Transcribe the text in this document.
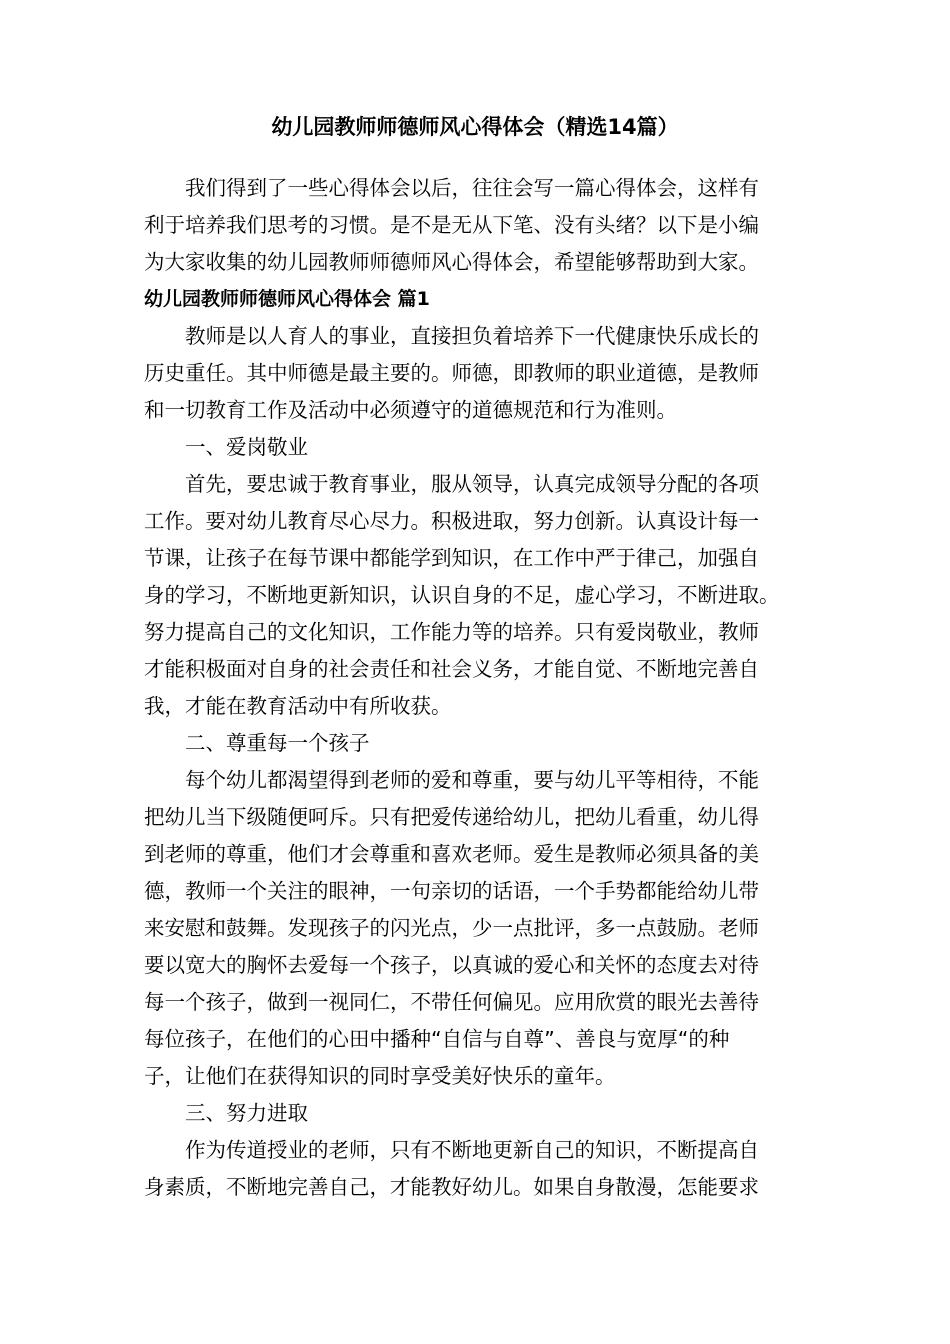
幼儿园教师师德师风心得体会（精选14篇）
我们得到了一些心得体会以后，往往会写一篇心得体会，这样有
利于培养我们思考的习惯。是不是无从下笔、没有头绪？以下是小编
为大家收集的幼儿园教师师德师风心得体会，希望能够帮助到大家。
幼儿园教师师德师风心得体会 篇1
教师是以人育人的事业，直接担负着培养下一代健康快乐成长的
历史重任。其中师德是最主要的。师德，即教师的职业道德，是教师
和一切教育工作及活动中必须遵守的道德规范和行为准则。
一、爱岗敬业
首先，要忠诚于教育事业，服从领导，认真完成领导分配的各项
工作。要对幼儿教育尽心尽力。积极进取，努力创新。认真设计每一
节课，让孩子在每节课中都能学到知识，在工作中严于律己，加强自
身的学习，不断地更新知识，认识自身的不足，虚心学习，不断进取。
努力提高自己的文化知识，工作能力等的培养。只有爱岗敬业，教师
才能积极面对自身的社会责任和社会义务，才能自觉、不断地完善自
我，才能在教育活动中有所收获。
二、尊重每一个孩子
每个幼儿都渴望得到老师的爱和尊重，要与幼儿平等相待，不能
把幼儿当下级随便呵斥。只有把爱传递给幼儿，把幼儿看重，幼儿得
到老师的尊重，他们才会尊重和喜欢老师。爱生是教师必须具备的美
德，教师一个关注的眼神，一句亲切的话语，一个手势都能给幼儿带
来安慰和鼓舞。发现孩子的闪光点，少一点批评，多一点鼓励。老师
要以宽大的胸怀去爱每一个孩子，以真诚的爱心和关怀的态度去对待
每一个孩子，做到一视同仁，不带任何偏见。应用欣赏的眼光去善待
每位孩子，在他们的心田中播种“自信与自尊”、善良与宽厚“的种
子，让他们在获得知识的同时享受美好快乐的童年。
三、努力进取
作为传道授业的老师，只有不断地更新自己的知识，不断提高自
身素质，不断地完善自己，才能教好幼儿。如果自身散漫，怎能要求
